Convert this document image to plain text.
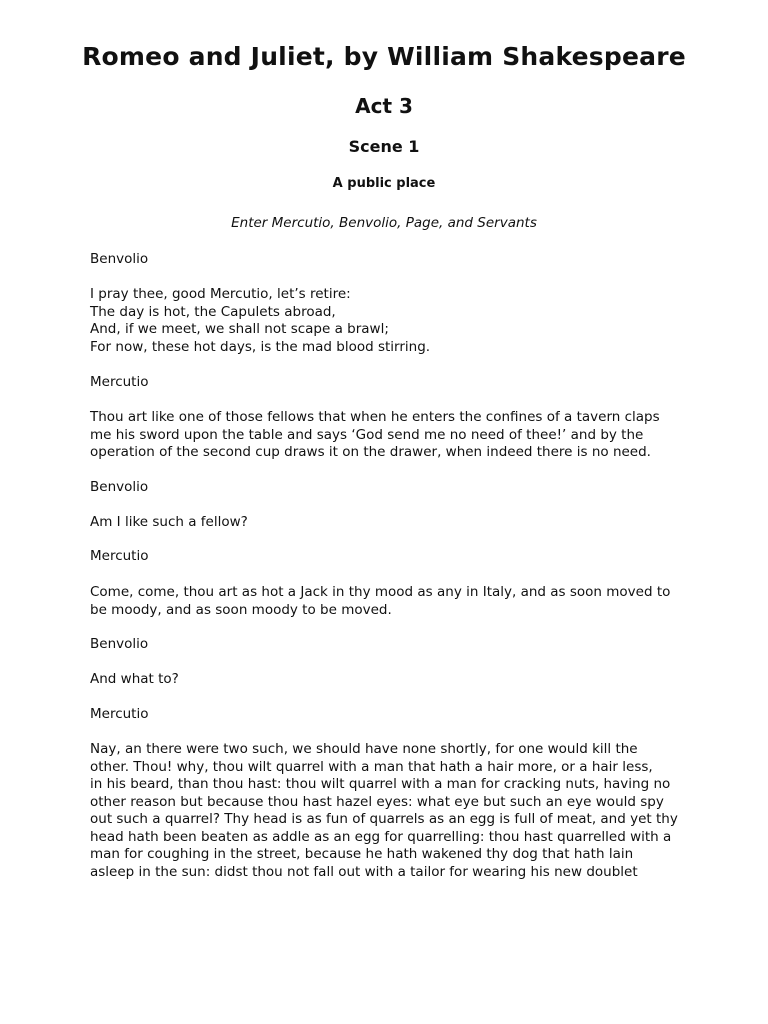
Romeo and Juliet, by William Shakespeare
Act 3
Scene 1
A public place
Enter Mercutio, Benvolio, Page, and Servants
Benvolio
I pray thee, good Mercutio, let’s retire:
The day is hot, the Capulets abroad,
And, if we meet, we shall not scape a brawl;
For now, these hot days, is the mad blood stirring.
Mercutio
Thou art like one of those fellows that when he enters the confines of a tavern claps
me his sword upon the table and says ‘God send me no need of thee!’ and by the
operation of the second cup draws it on the drawer, when indeed there is no need.
Benvolio
Am I like such a fellow?
Mercutio
Come, come, thou art as hot a Jack in thy mood as any in Italy, and as soon moved to
be moody, and as soon moody to be moved.
Benvolio
And what to?
Mercutio
Nay, an there were two such, we should have none shortly, for one would kill the
other. Thou! why, thou wilt quarrel with a man that hath a hair more, or a hair less,
in his beard, than thou hast: thou wilt quarrel with a man for cracking nuts, having no
other reason but because thou hast hazel eyes: what eye but such an eye would spy
out such a quarrel? Thy head is as fun of quarrels as an egg is full of meat, and yet thy
head hath been beaten as addle as an egg for quarrelling: thou hast quarrelled with a
man for coughing in the street, because he hath wakened thy dog that hath lain
asleep in the sun: didst thou not fall out with a tailor for wearing his new doublet
